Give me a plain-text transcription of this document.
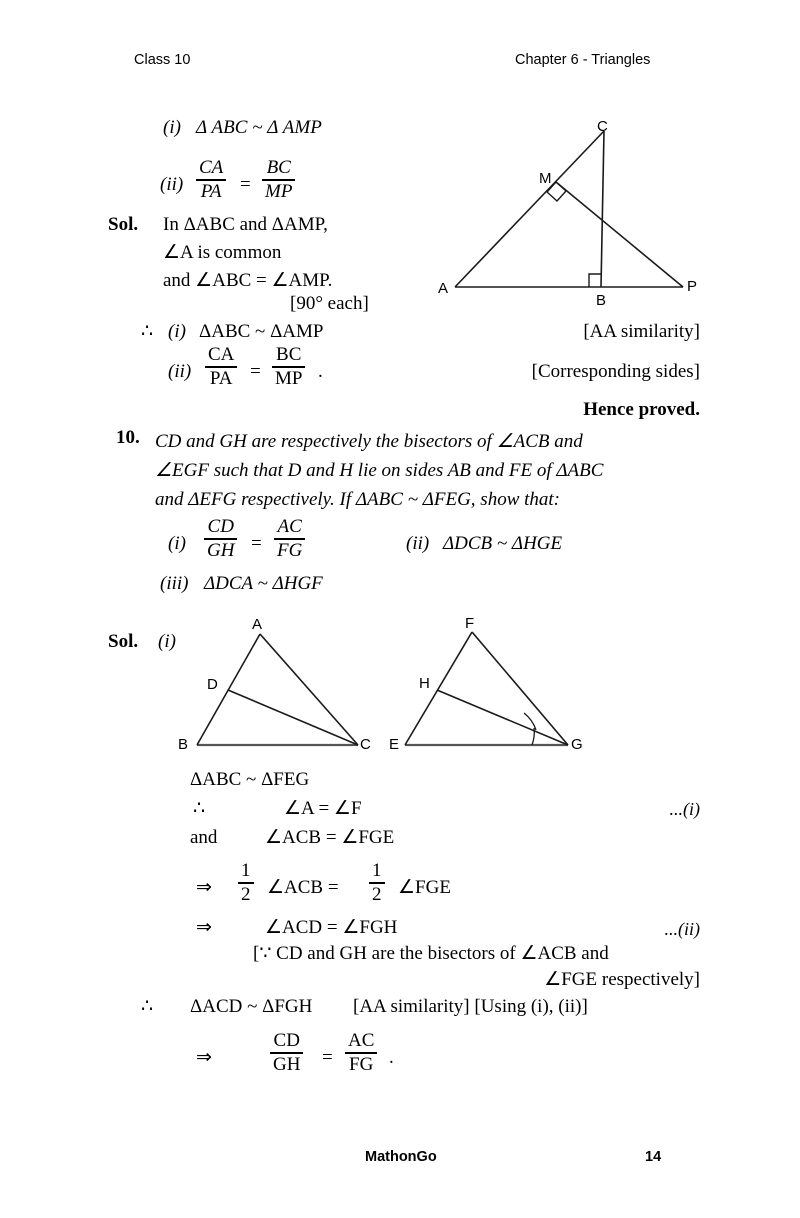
Class 10	Chapter 6 - Triangles
(i) Δ ABC ~ Δ AMP
(ii)
CA
PA =
BC
MP
Sol. In ΔABC and ΔAMP,
∠A is common
and ∠ABC = ∠AMP.
[90° each]
∴ (i) ΔABC ~ ΔAMP	[AA similarity]
(ii)
CA
PA =
BC
MP .	[Corresponding sides]
Hence proved.
C
M
A
B
P
10. CD and GH are respectively the bisectors of ∠ACB and
∠EGF such that D and H lie on sides AB and FE of ΔABC
and ΔEFG respectively. If ΔABC ~ ΔFEG, show that:
(i)
CD
GH =
AC
FG	(ii) ΔDCB ~ ΔHGE
(iii) ΔDCA ~ ΔHGF
Sol. (i)
A
D
B	C
F
H
E	G
ΔABC ~ ΔFEG
∴	∠A = ∠F	...(i)
and	∠ACB = ∠FGE
⇒
1
2 ∠ACB =
1
2 ∠FGE
⇒	∠ACD = ∠FGH	...(ii)
[∵ CD and GH are the bisectors of ∠ACB and
∠FGE respectively]
∴ ΔACD ~ ΔFGH [AA similarity] [Using (i), (ii)]
⇒
CD
GH =
AC
FG .
MathonGo	14
